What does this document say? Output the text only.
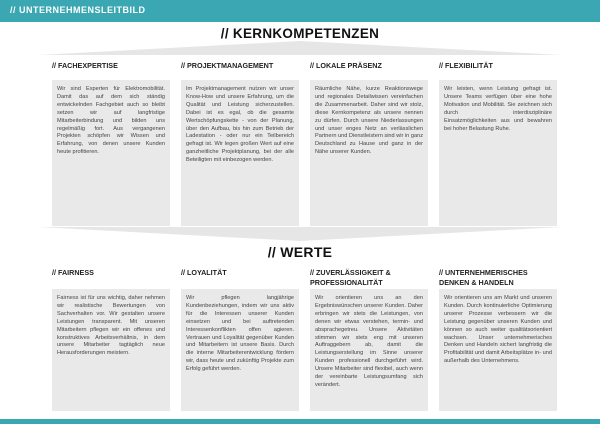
// UNTERNEHMENSLEITBILD
// KERNKOMPETENZEN
// FACHEXPERTISE	// PROJEKTMANAGEMENT	// LOKALE PRÄSENZ	// FLEXIBILITÄT

Wir sind Experten für Elektromobilität. Damit das auf dem sich ständig entwickelnden Fachgebiet auch so bleibt setzen wir auf langfristige Mitarbeiterbindung und bilden uns regelmäßig fort. Aus vergangenen Projekten schöpfen wir Wissen und Erfahrung, von denen unsere Kunden heute profitieren.

Im Projektmanagement nutzen wir unser Know-How und unsere Erfahrung, um die Qualität und Leistung sicherzustellen. Dabei ist es egal, ob die gesamte Wertschöpfungskette - von der Planung, über den Aufbau, bis hin zum Betrieb der Ladestation - oder nur ein Teilbereich gefragt ist. Wir legen großen Wert auf eine ganzheitliche Projektplanung, bei der alle Beteiligten mit einbezogen werden.

Räumliche Nähe, kurze Reaktionswege und regionales Detailwissen vereinfachen die Zusammenarbeit. Daher sind wir stolz, diese Kernkompetenz als unsere nennen zu dürfen. Durch unsere Niederlassungen und unser enges Netz an verlässlichen Partnern und Dienstleistern sind wir in ganz Deutschland zu Hause und ganz in der Nähe unserer Kunden.

Wir leisten, wenn Leistung gefragt ist. Unsere Teams verfügen über eine hohe Motivation und Mobilität. Sie zeichnen sich durch interdisziplinäre Einsatzmöglichkeiten aus und bewahren bei hoher Belastung Ruhe.

// WERTE
// FAIRNESS	// LOYALITÄT	// ZUVERLÄSSIGKEIT & PROFESSIONALITÄT
// UNTERNEHMERISCHES DENKEN & HANDELN

Fairness ist für uns wichtig, daher nehmen wir realistische Bewertungen von Sachverhalten vor. Wir gestalten unsere Leistungen transparent. Mit unseren Mitarbeitern pflegen wir ein offenes und konstruktives Arbeitsverhältnis, in dem unsere Mitarbeiter tagtäglich neue Herausforderungen meistern.

Wir pflegen langjährige Kundenbeziehungen, indem wir uns aktiv für die Interessen unserer Kunden einsetzen und bei auftretenden Interessenkonflikten offen agieren. Vertrauen und Loyalität gegenüber Kunden und Mitarbeitern ist unsere Basis. Durch die interne Mitarbeiterentwicklung fördern wir, dass heute und zukünftig Projekte zum Erfolg geführt werden.

Wir orientieren uns an den Ergebniswünschen unserer Kunden. Daher erbringen wir stets die Leistungen, von denen wir etwas verstehen, termin- und absprachegetreu. Unsere Aktivitäten stimmen wir stets eng mit unseren Auftraggebern ab, damit die Leistungserstellung im Sinne unserer Kunden professionell durchgeführt wird. Unsere Mitarbeiter sind flexibel, auch wenn der vereinbarte Leistungsumfang sich verändert.

Wir orientieren uns am Markt und unseren Kunden. Durch kontinuierliche Optimierung unserer Prozesse verbessern wir die Leistung gegenüber unseren Kunden und können so auch weiter qualitätsorientiert wachsen. Unser unternehmerisches Denken und Handeln sichert langfristig die Profitabilität und damit Arbeitsplätze in- und außerhalb des Unternehmens.
